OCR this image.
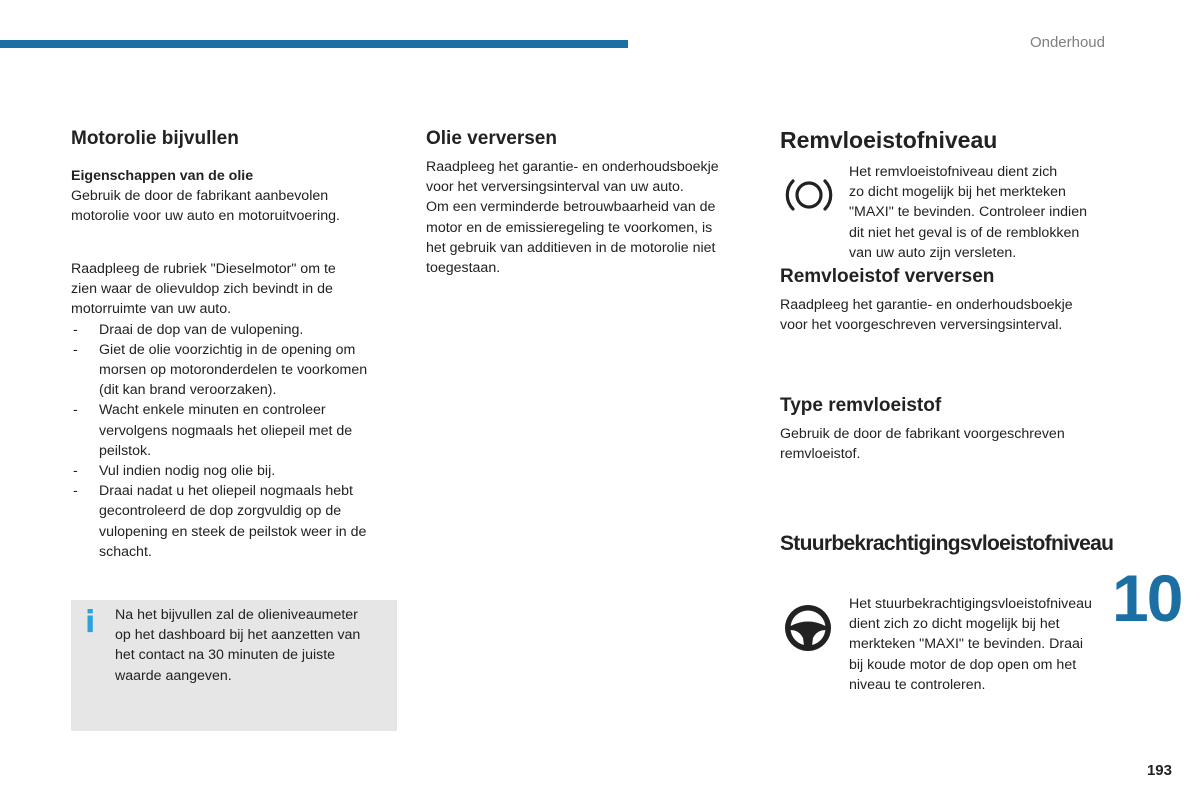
Onderhoud
Motorolie bijvullen

Eigenschappen van de olie

Gebruik de door de fabrikant aanbevolen
motorolie voor uw auto en motoruitvoering.

Raadpleeg de rubriek "Dieselmotor" om te
zien waar de olievuldop zich bevindt in de
motorruimte van uw auto.

- Draai de dop van de vulopening.
- Giet de olie voorzichtig in de opening om
morsen op motoronderdelen te voorkomen
(dit kan brand veroorzaken).
- Wacht enkele minuten en controleer
vervolgens nogmaals het oliepeil met de
peilstok.
- Vul indien nodig nog olie bij.
- Draai nadat u het oliepeil nogmaals hebt
gecontroleerd de dop zorgvuldig op de
vulopening en steek de peilstok weer in de
schacht.
i Na het bijvullen zal de olieniveaumeter
op het dashboard bij het aanzetten van
het contact na 30 minuten de juiste
waarde aangeven.
Olie verversen

Raadpleeg het garantie- en onderhoudsboekje
voor het verversingsinterval van uw auto.
Om een verminderde betrouwbaarheid van de
motor en de emissieregeling te voorkomen, is
het gebruik van additieven in de motorolie niet
toegestaan.

Remvloeistofniveau

Het remvloeistofniveau dient zich
zo dicht mogelijk bij het merkteken
"MAXI" te bevinden. Controleer indien
dit niet het geval is of de remblokken
van uw auto zijn versleten.

Remvloeistof verversen

Raadpleeg het garantie- en onderhoudsboekje
voor het voorgeschreven verversingsinterval.

Type remvloeistof

Gebruik de door de fabrikant voorgeschreven
remvloeistof.

Stuurbekrachtigingsvloeistofniveau

Het stuurbekrachtigingsvloeistofniveau
dient zich zo dicht mogelijk bij het
merkteken "MAXI" te bevinden. Draai
bij koude motor de dop open om het
niveau te controleren.

10
193
